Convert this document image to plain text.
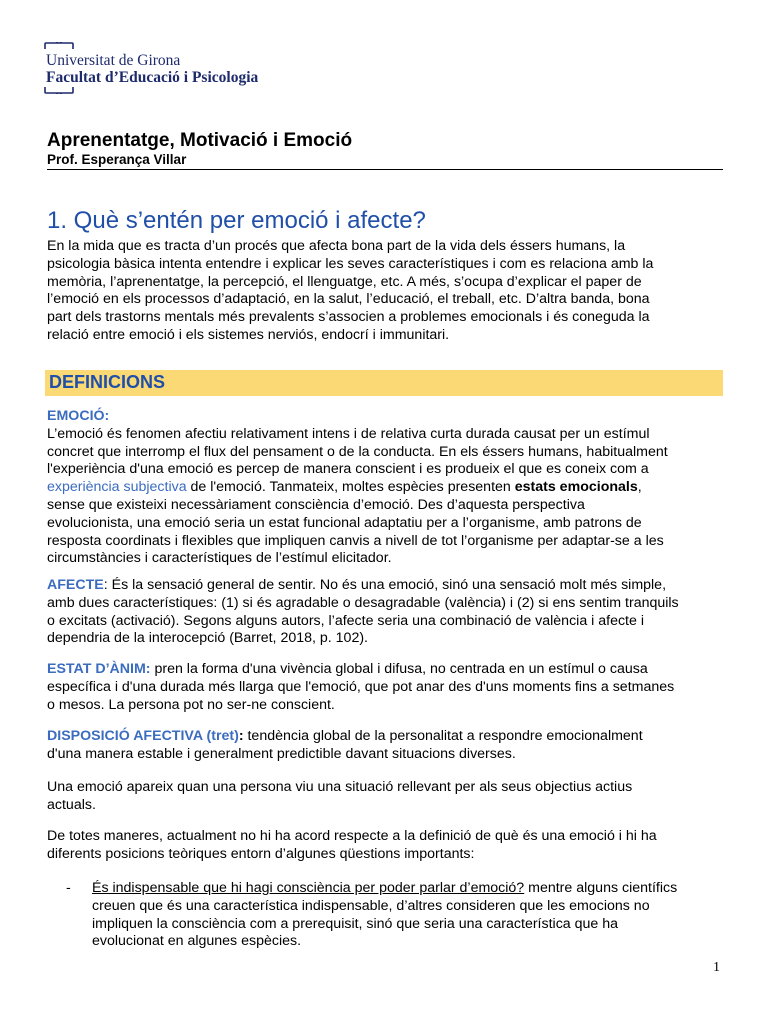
Universitat de Girona
Facultat d’Educació i Psicologia
Aprenentatge, Motivació i Emoció
Prof. Esperança Villar
1. Què s’entén per emoció i afecte?
En la mida que es tracta d’un procés que afecta bona part de la vida dels éssers humans, la
psicologia bàsica intenta entendre i explicar les seves característiques i com es relaciona amb la
memòria, l’aprenentatge, la percepció, el llenguatge, etc. A més, s’ocupa d’explicar el paper de
l’emoció en els processos d’adaptació, en la salut, l’educació, el treball, etc. D’altra banda, bona
part dels trastorns mentals més prevalents s’associen a problemes emocionals i és coneguda la
relació entre emoció i els sistemes nerviós, endocrí i immunitari.
DEFINICIONS
EMOCIÓ:
L’emoció és fenomen afectiu relativament intens i de relativa curta durada causat per un estímul
concret que interromp el flux del pensament o de la conducta. En els éssers humans, habitualment
l'experiència d'una emoció es percep de manera conscient i es produeix el que es coneix com a
experiència subjectiva de l'emoció. Tanmateix, moltes espècies presenten estats emocionals,
sense que existeixi necessàriament consciència d’emoció. Des d’aquesta perspectiva
evolucionista, una emoció seria un estat funcional adaptatiu per a l’organisme, amb patrons de
resposta coordinats i flexibles que impliquen canvis a nivell de tot l’organisme per adaptar-se a les
circumstàncies i característiques de l’estímul elicitador.
AFECTE: És la sensació general de sentir. No és una emoció, sinó una sensació molt més simple,
amb dues característiques: (1) si és agradable o desagradable (valència) i (2) si ens sentim tranquils
o excitats (activació). Segons alguns autors, l’afecte seria una combinació de valència i afecte i
dependria de la interocepció (Barret, 2018, p. 102).
ESTAT D’ÀNIM: pren la forma d'una vivència global i difusa, no centrada en un estímul o causa
específica i d'una durada més llarga que l'emoció, que pot anar des d'uns moments fins a setmanes
o mesos. La persona pot no ser-ne conscient.
DISPOSICIÓ AFECTIVA (tret): tendència global de la personalitat a respondre emocionalment
d'una manera estable i generalment predictible davant situacions diverses.
Una emoció apareix quan una persona viu una situació rellevant per als seus objectius actius
actuals.
De totes maneres, actualment no hi ha acord respecte a la definició de què és una emoció i hi ha
diferents posicions teòriques entorn d’algunes qüestions importants:
- És indispensable que hi hagi consciència per poder parlar d’emoció? mentre alguns científics
creuen que és una característica indispensable, d’altres consideren que les emocions no
impliquen la consciència com a prerequisit, sinó que seria una característica que ha
evolucionat en algunes espècies.
1
